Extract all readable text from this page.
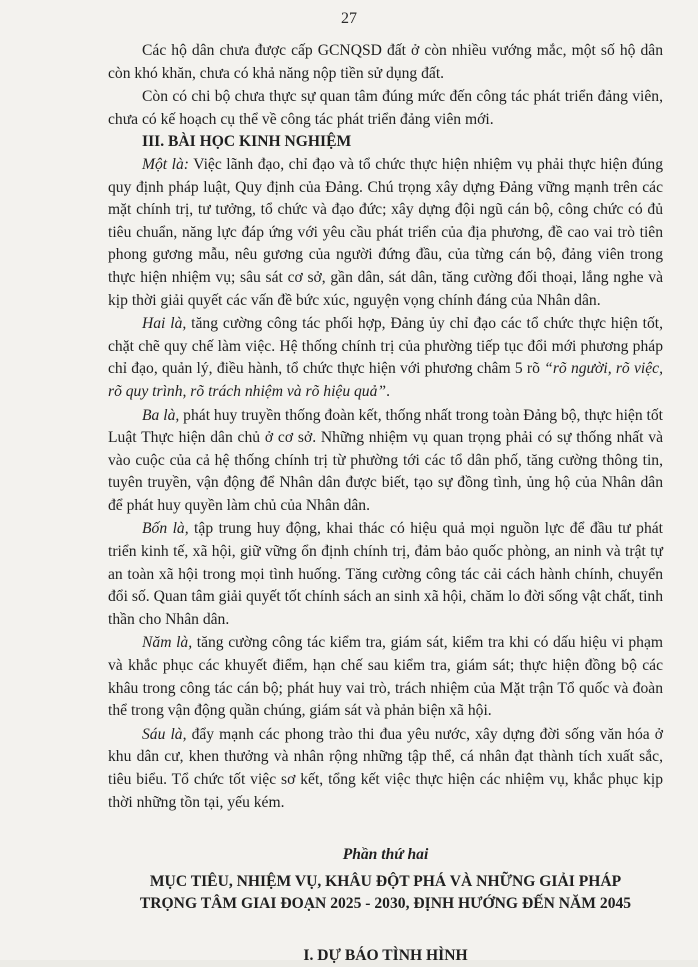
27

Các hộ dân chưa được cấp GCNQSD đất ở còn nhiều vướng mắc, một số hộ dân còn khó khăn, chưa có khả năng nộp tiền sử dụng đất.

Còn có chi bộ chưa thực sự quan tâm đúng mức đến công tác phát triển đảng viên, chưa có kế hoạch cụ thể về công tác phát triển đảng viên mới.

III. BÀI HỌC KINH NGHIỆM

Một là: Việc lãnh đạo, chỉ đạo và tổ chức thực hiện nhiệm vụ phải thực hiện đúng quy định pháp luật, Quy định của Đảng. Chú trọng xây dựng Đảng vững mạnh trên các mặt chính trị, tư tưởng, tổ chức và đạo đức; xây dựng đội ngũ cán bộ, công chức có đủ tiêu chuẩn, năng lực đáp ứng với yêu cầu phát triển của địa phương, đề cao vai trò tiên phong gương mẫu, nêu gương của người đứng đầu, của từng cán bộ, đảng viên trong thực hiện nhiệm vụ; sâu sát cơ sở, gần dân, sát dân, tăng cường đối thoại, lắng nghe và kịp thời giải quyết các vấn đề bức xúc, nguyện vọng chính đáng của Nhân dân.

Hai là, tăng cường công tác phối hợp, Đảng ủy chỉ đạo các tổ chức thực hiện tốt, chặt chẽ quy chế làm việc. Hệ thống chính trị của phường tiếp tục đổi mới phương pháp chỉ đạo, quản lý, điều hành, tổ chức thực hiện với phương châm 5 rõ “rõ người, rõ việc, rõ quy trình, rõ trách nhiệm và rõ hiệu quả”.

Ba là, phát huy truyền thống đoàn kết, thống nhất trong toàn Đảng bộ, thực hiện tốt Luật Thực hiện dân chủ ở cơ sở. Những nhiệm vụ quan trọng phải có sự thống nhất và vào cuộc của cả hệ thống chính trị từ phường tới các tổ dân phố, tăng cường thông tin, tuyên truyền, vận động để Nhân dân được biết, tạo sự đồng tình, ủng hộ của Nhân dân để phát huy quyền làm chủ của Nhân dân.

Bốn là, tập trung huy động, khai thác có hiệu quả mọi nguồn lực để đầu tư phát triển kinh tế, xã hội, giữ vững ổn định chính trị, đảm bảo quốc phòng, an ninh và trật tự an toàn xã hội trong mọi tình huống. Tăng cường công tác cải cách hành chính, chuyển đổi số. Quan tâm giải quyết tốt chính sách an sinh xã hội, chăm lo đời sống vật chất, tinh thần cho Nhân dân.

Năm là, tăng cường công tác kiểm tra, giám sát, kiểm tra khi có dấu hiệu vi phạm và khắc phục các khuyết điểm, hạn chế sau kiểm tra, giám sát; thực hiện đồng bộ các khâu trong công tác cán bộ; phát huy vai trò, trách nhiệm của Mặt trận Tổ quốc và đoàn thể trong vận động quần chúng, giám sát và phản biện xã hội.

Sáu là, đẩy mạnh các phong trào thi đua yêu nước, xây dựng đời sống văn hóa ở khu dân cư, khen thưởng và nhân rộng những tập thể, cá nhân đạt thành tích xuất sắc, tiêu biểu. Tổ chức tốt việc sơ kết, tổng kết việc thực hiện các nhiệm vụ, khắc phục kịp thời những tồn tại, yếu kém.

Phần thứ hai
MỤC TIÊU, NHIỆM VỤ, KHÂU ĐỘT PHÁ VÀ NHỮNG GIẢI PHÁP
TRỌNG TÂM GIAI ĐOẠN 2025 - 2030, ĐỊNH HƯỚNG ĐẾN NĂM 2045
I. DỰ BÁO TÌNH HÌNH
